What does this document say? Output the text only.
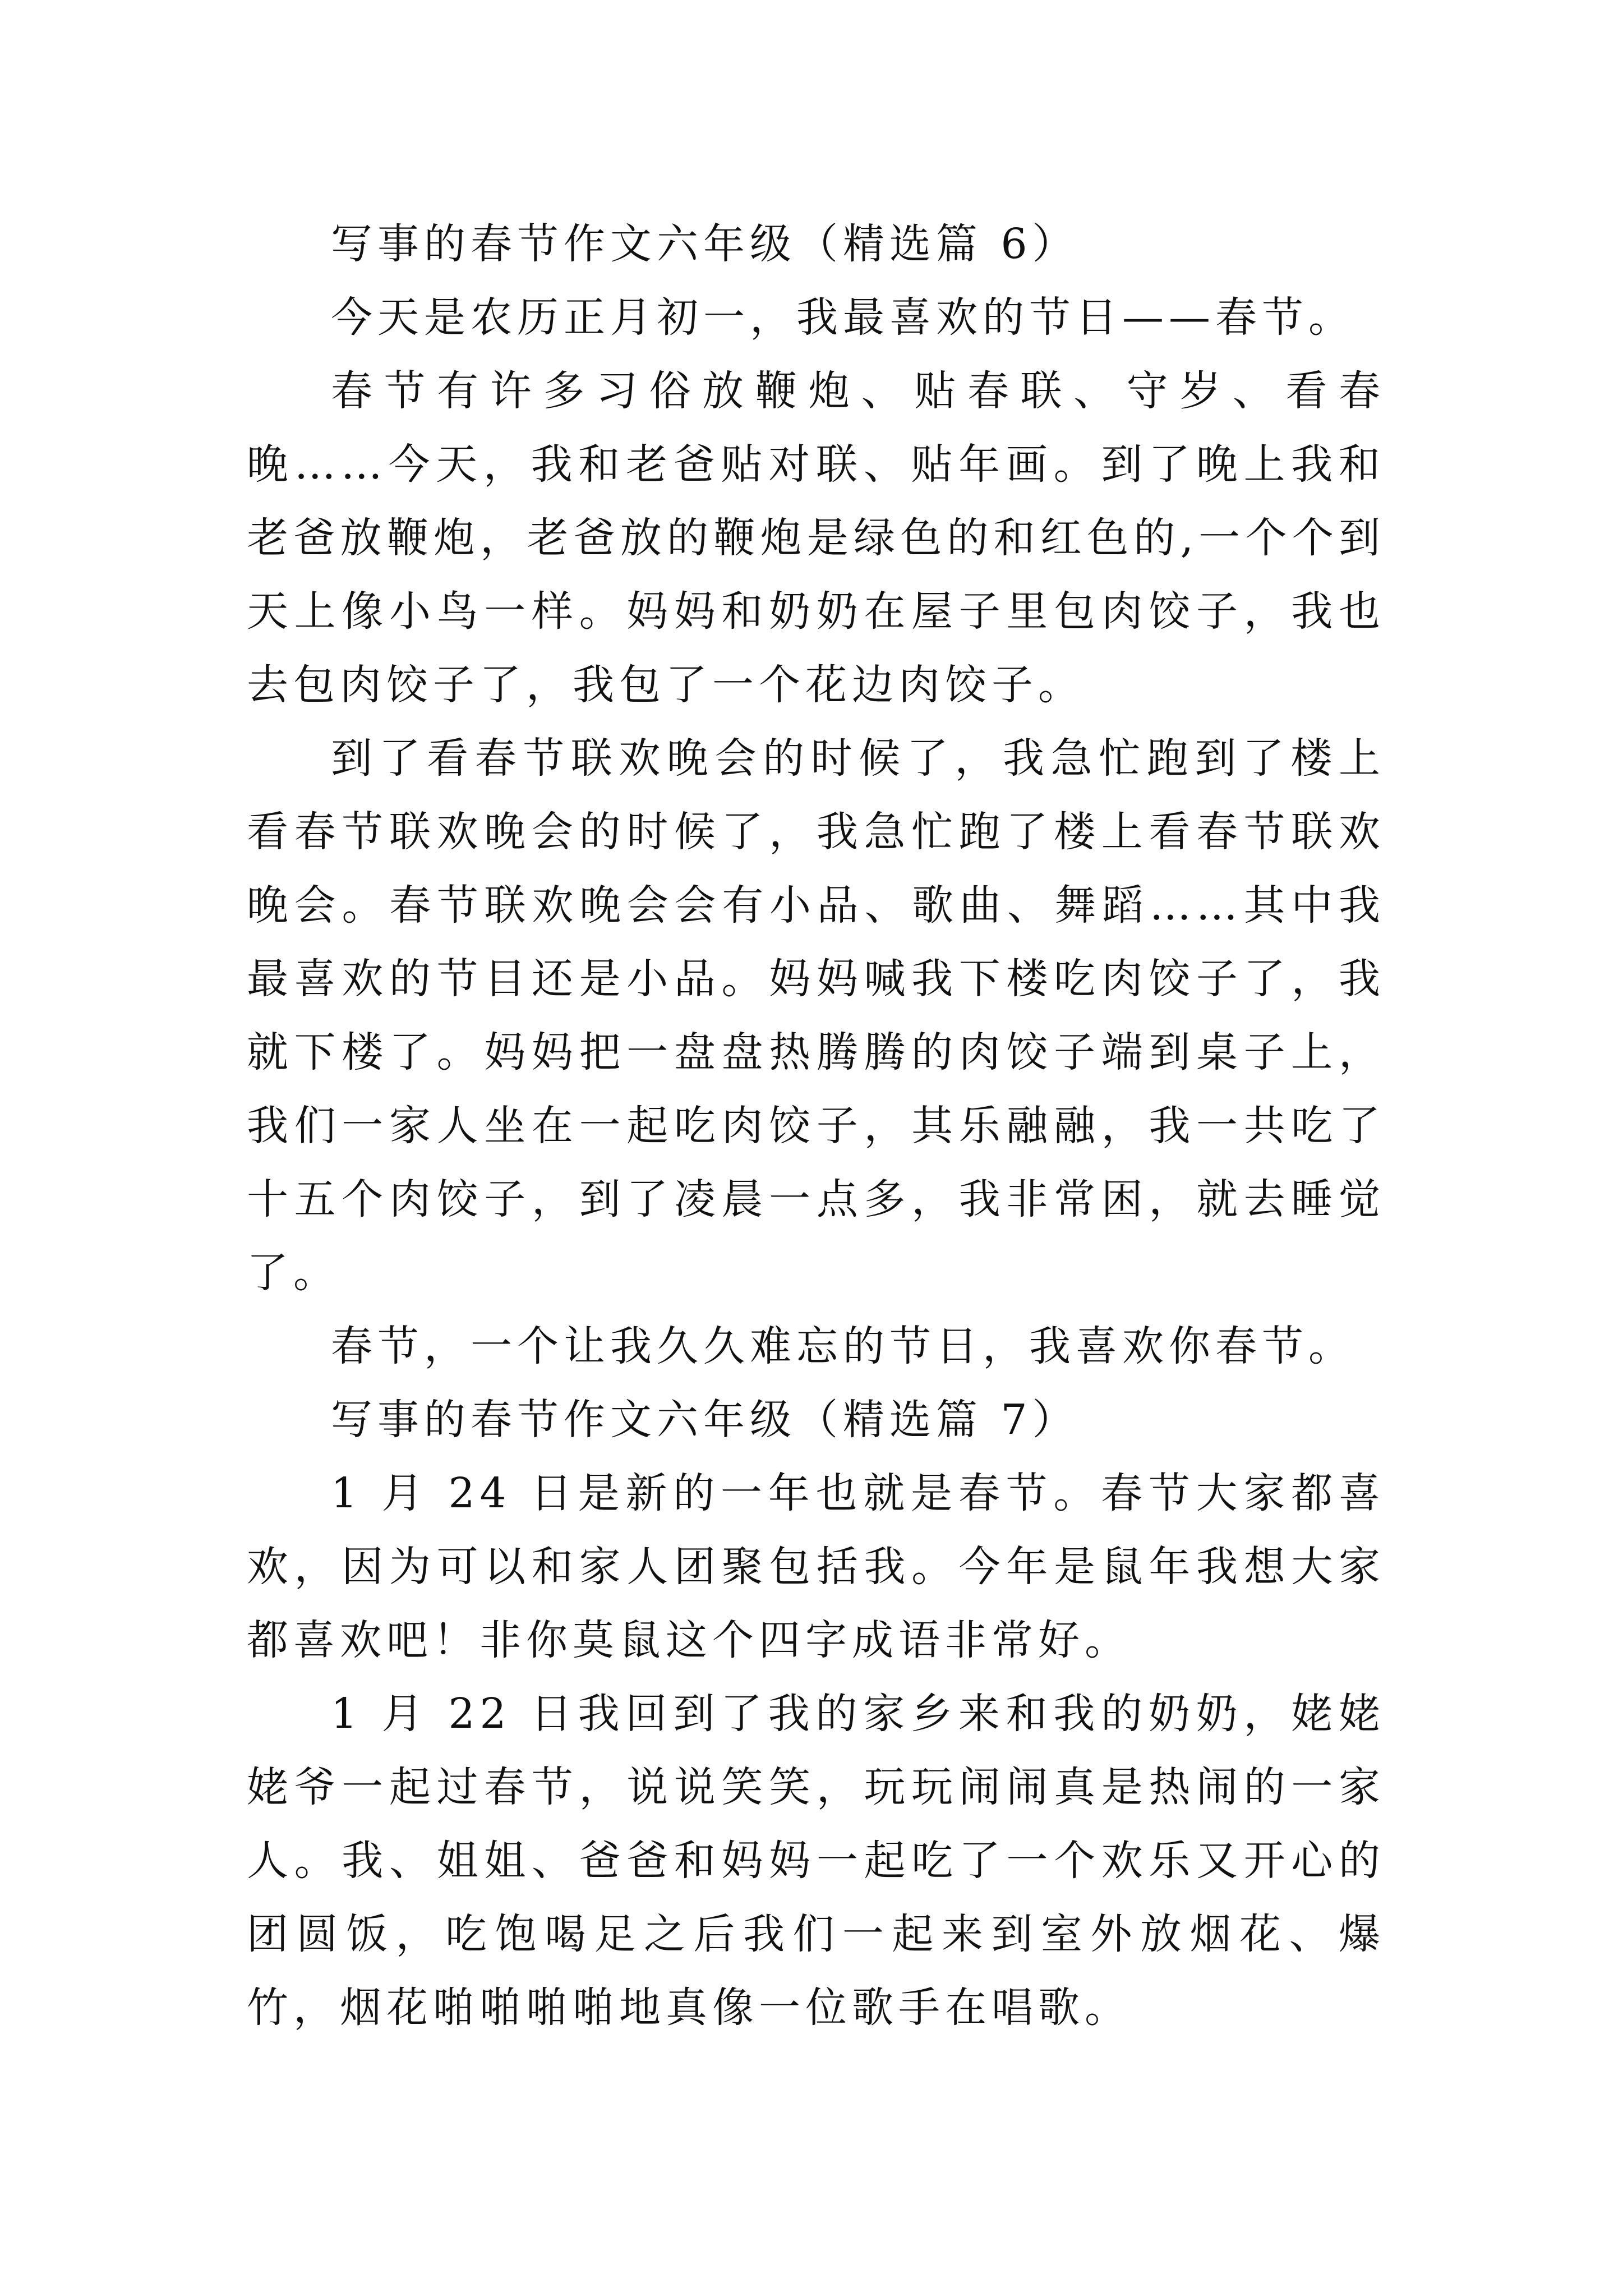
写事的春节作文六年级（精选篇 6）

今天是农历正月初一，我最喜欢的节日——春节。

春节有许多习俗放鞭炮、贴春联、守岁、看春晚……今天，我和老爸贴对联、贴年画。到了晚上我和老爸放鞭炮，老爸放的鞭炮是绿色的和红色的,一个个到天上像小鸟一样。妈妈和奶奶在屋子里包肉饺子，我也去包肉饺子了，我包了一个花边肉饺子。

到了看春节联欢晚会的时候了，我急忙跑到了楼上看春节联欢晚会的时候了，我急忙跑了楼上看春节联欢晚会。春节联欢晚会会有小品、歌曲、舞蹈……其中我最喜欢的节目还是小品。妈妈喊我下楼吃肉饺子了，我就下楼了。妈妈把一盘盘热腾腾的肉饺子端到桌子上，我们一家人坐在一起吃肉饺子，其乐融融，我一共吃了十五个肉饺子，到了凌晨一点多，我非常困，就去睡觉了。

春节，一个让我久久难忘的节日，我喜欢你春节。

写事的春节作文六年级（精选篇 7）

1 月 24 日是新的一年也就是春节。春节大家都喜欢，因为可以和家人团聚包括我。今年是鼠年我想大家都喜欢吧！非你莫鼠这个四字成语非常好。

1 月 22 日我回到了我的家乡来和我的奶奶，姥姥姥爷一起过春节，说说笑笑，玩玩闹闹真是热闹的一家人。我、姐姐、爸爸和妈妈一起吃了一个欢乐又开心的团圆饭，吃饱喝足之后我们一起来到室外放烟花、爆竹，烟花啪啪啪啪地真像一位歌手在唱歌。
